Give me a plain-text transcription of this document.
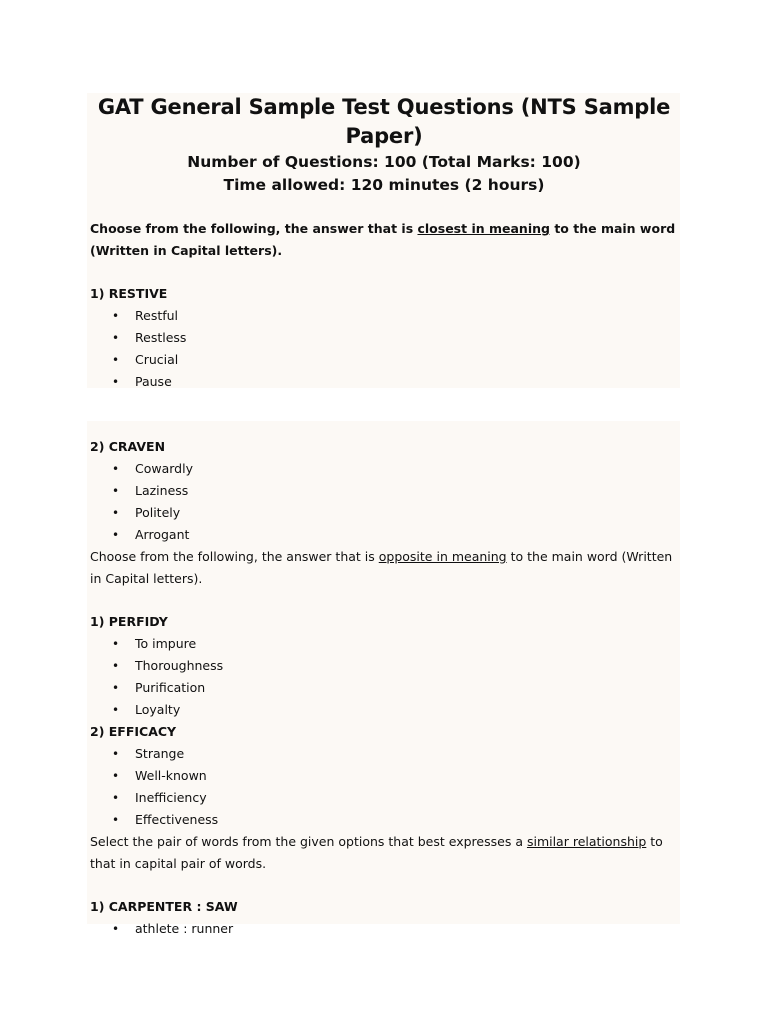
GAT General Sample Test Questions (NTS Sample Paper)

Number of Questions: 100 (Total Marks: 100)

Time allowed: 120 minutes (2 hours)

Choose from the following, the answer that is closest in meaning to the main word (Written in Capital letters).

1) RESTIVE

• Restful
• Restless
• Crucial
• Pause

2) CRAVEN

• Cowardly
• Laziness
• Politely
• Arrogant

Choose from the following, the answer that is opposite in meaning to the main word (Written in Capital letters).

1) PERFIDY

• To impure
• Thoroughness
• Purification
• Loyalty

2) EFFICACY

• Strange
• Well-known
• Inefficiency
• Effectiveness

Select the pair of words from the given options that best expresses a similar relationship to that in capital pair of words.

1) CARPENTER : SAW

• athlete : runner
